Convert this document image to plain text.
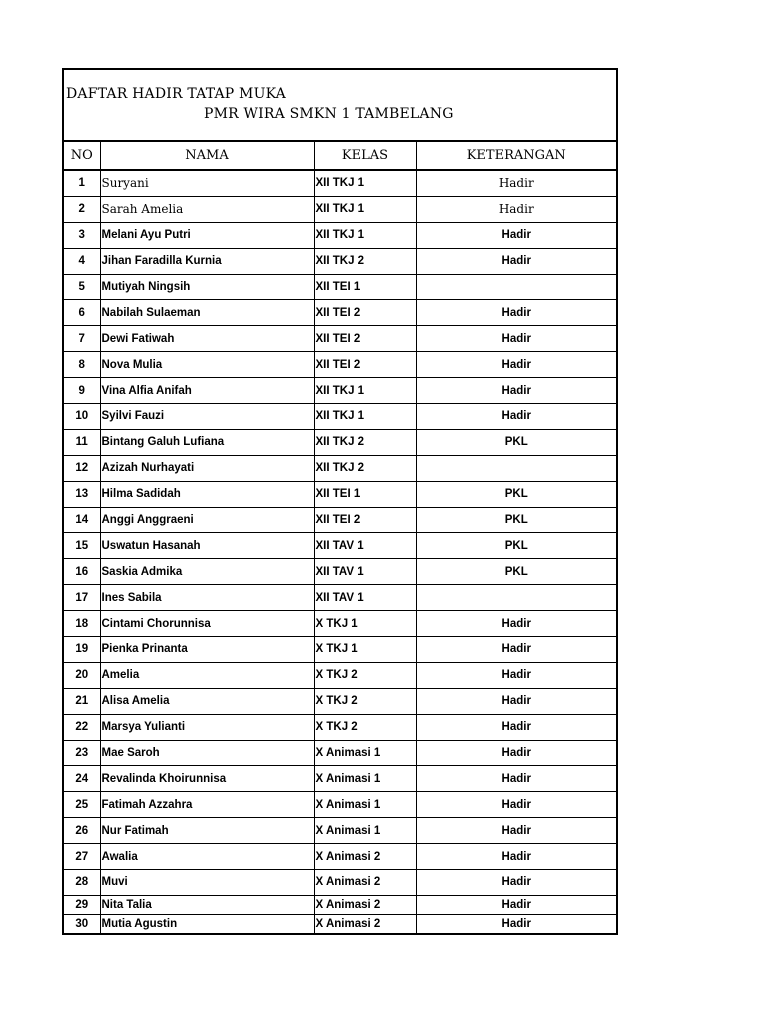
DAFTAR HADIR TATAP MUKA
PMR WIRA SMKN 1 TAMBELANG
NO	NAMA	KELAS	KETERANGAN
1	Suryani	XII TKJ 1	Hadir
2	Sarah Amelia	XII TKJ 1	Hadir
3	Melani Ayu Putri	XII TKJ 1	Hadir
4	Jihan Faradilla Kurnia	XII TKJ 2	Hadir
5	Mutiyah Ningsih	XII TEI 1	
6	Nabilah Sulaeman	XII TEI 2	Hadir
7	Dewi Fatiwah	XII TEI 2	Hadir
8	Nova Mulia	XII TEI 2	Hadir
9	Vina Alfia Anifah	XII TKJ 1	Hadir
10	Syilvi Fauzi	XII TKJ 1	Hadir
11	Bintang Galuh Lufiana	XII TKJ 2	PKL
12	Azizah Nurhayati	XII TKJ 2	
13	Hilma Sadidah	XII TEI 1	PKL
14	Anggi Anggraeni	XII TEI 2	PKL
15	Uswatun Hasanah	XII TAV 1	PKL
16	Saskia Admika	XII TAV 1	PKL
17	Ines Sabila	XII TAV 1	
18	Cintami Chorunnisa	X TKJ 1	Hadir
19	Pienka Prinanta	X TKJ 1	Hadir
20	Amelia	X TKJ 2	Hadir
21	Alisa Amelia	X TKJ 2	Hadir
22	Marsya Yulianti	X TKJ 2	Hadir
23	Mae Saroh	X Animasi 1	Hadir
24	Revalinda Khoirunnisa	X Animasi 1	Hadir
25	Fatimah Azzahra	X Animasi 1	Hadir
26	Nur Fatimah	X Animasi 1	Hadir
27	Awalia	X Animasi 2	Hadir
28	Muvi	X Animasi 2	Hadir
29	Nita Talia	X Animasi 2	Hadir
30	Mutia Agustin	X Animasi 2	Hadir
